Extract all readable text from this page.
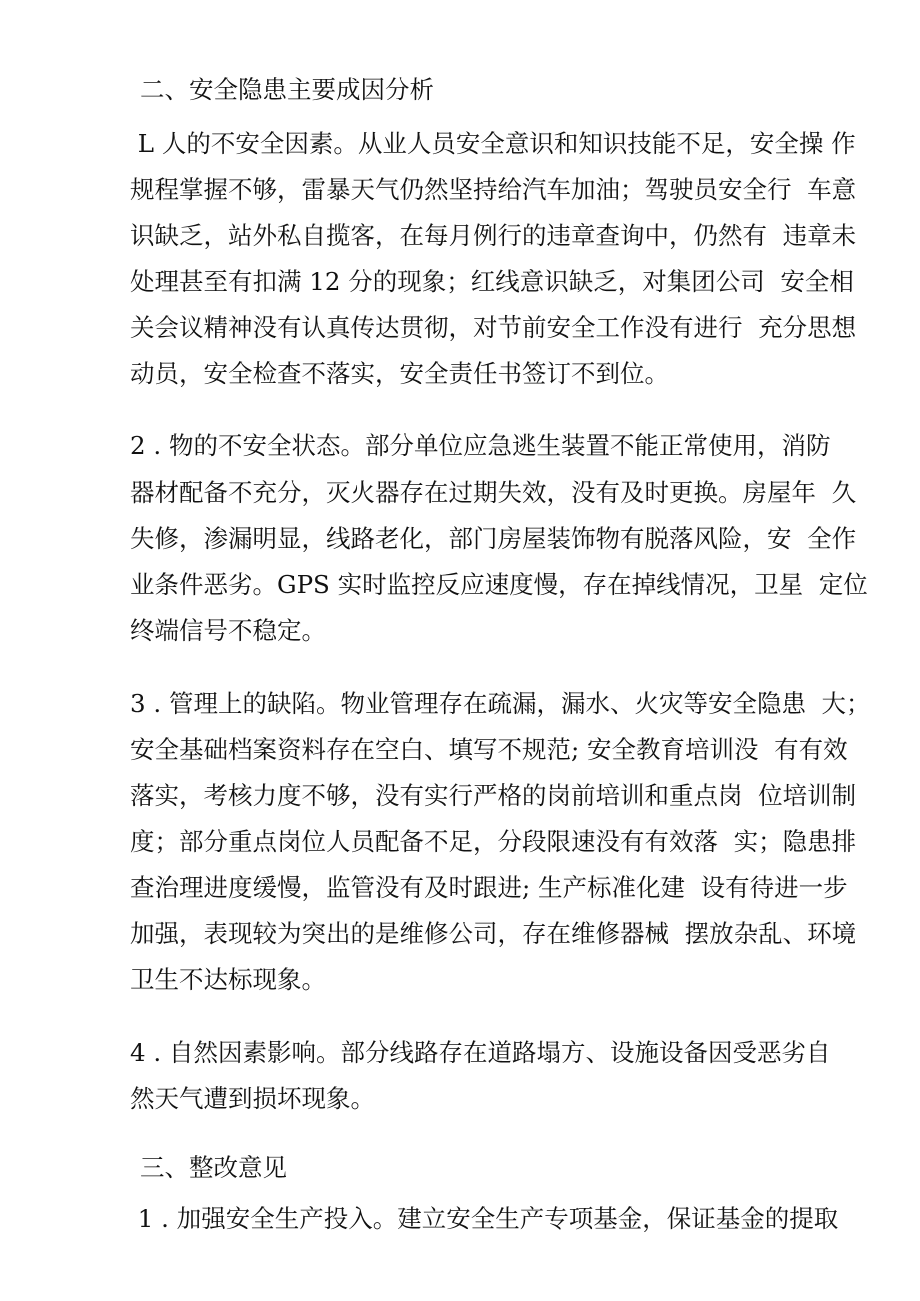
二、安全隐患主要成因分析
L 人的不安全因素。从业人员安全意识和知识技能不足，安全操 作
规程掌握不够，雷暴天气仍然坚持给汽车加油；驾驶员安全行  车意
识缺乏，站外私自揽客，在每月例行的违章查询中，仍然有  违章未
处理甚至有扣满 12 分的现象；红线意识缺乏，对集团公司  安全相
关会议精神没有认真传达贯彻，对节前安全工作没有进行  充分思想
动员，安全检查不落实，安全责任书签订不到位。
2 . 物的不安全状态。部分单位应急逃生装置不能正常使用，消防
器材配备不充分，灭火器存在过期失效，没有及时更换。房屋年  久
失修，渗漏明显，线路老化，部门房屋装饰物有脱落风险，安  全作
业条件恶劣。GPS 实时监控反应速度慢，存在掉线情况，卫星  定位
终端信号不稳定。
3 . 管理上的缺陷。物业管理存在疏漏，漏水、火灾等安全隐患  大；
安全基础档案资料存在空白、填写不规范; 安全教育培训没  有有效
落实，考核力度不够，没有实行严格的岗前培训和重点岗  位培训制
度；部分重点岗位人员配备不足，分段限速没有有效落  实；隐患排
查治理进度缓慢，监管没有及时跟进; 生产标准化建  设有待进一步
加强，表现较为突出的是维修公司，存在维修器械  摆放杂乱、环境
卫生不达标现象。
4 . 自然因素影响。部分线路存在道路塌方、设施设备因受恶劣自
然天气遭到损坏现象。
三、整改意见
1 . 加强安全生产投入。建立安全生产专项基金，保证基金的提取
